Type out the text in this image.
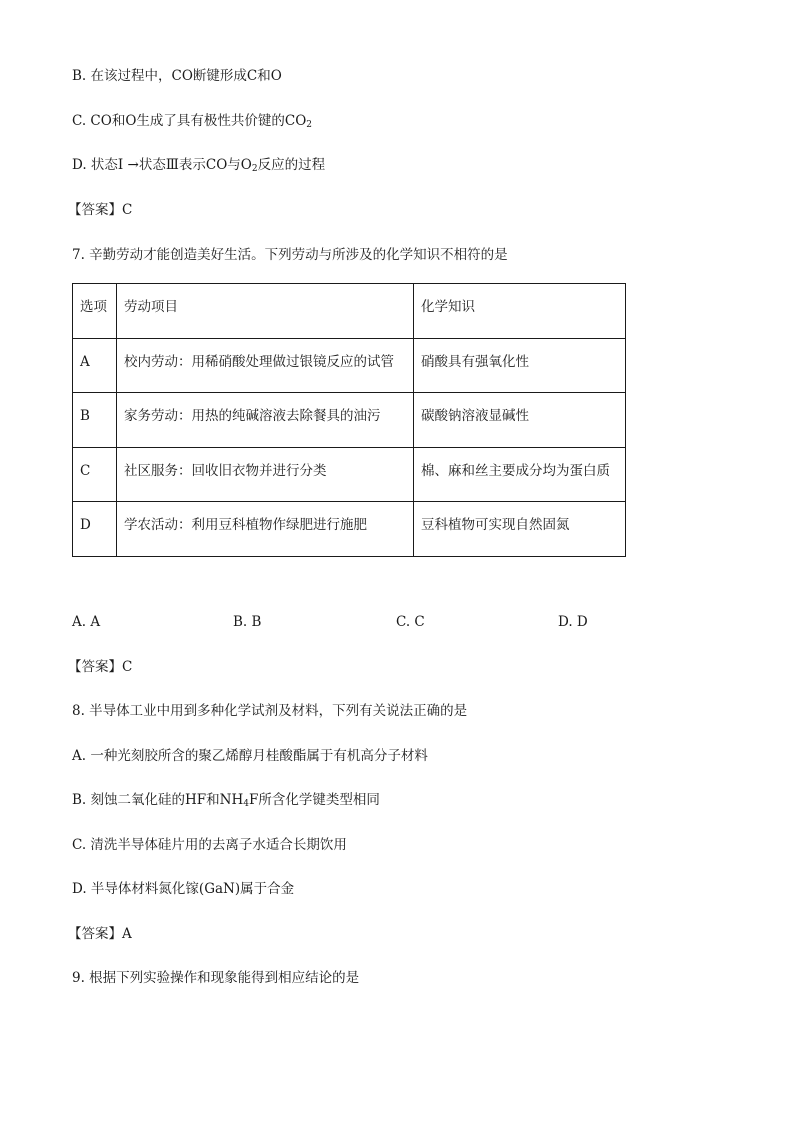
B. 在该过程中，CO断键形成C和O
C. CO和O生成了具有极性共价键的$CO_2$
D. 状态Ⅰ →状态Ⅲ表示CO与$O_2$反应的过程
【答案】C
7. 辛勤劳动才能创造美好生活。下列劳动与所涉及的化学知识不相符的是
选项	劳动项目	化学知识
A	校内劳动：用稀硝酸处理做过银镜反应的试管	硝酸具有强氧化性
B	家务劳动：用热的纯碱溶液去除餐具的油污	碳酸钠溶液显碱性
C	社区服务：回收旧衣物并进行分类	棉、麻和丝主要成分均为蛋白质
D	学农活动：利用豆科植物作绿肥进行施肥	豆科植物可实现自然固氮
A. A	B. B	C. C	D. D
【答案】C
8. 半导体工业中用到多种化学试剂及材料，下列有关说法正确的是
A. 一种光刻胶所含的聚乙烯醇月桂酸酯属于有机高分子材料
B. 刻蚀二氧化硅的HF和$NH_4F$所含化学键类型相同
C. 清洗半导体硅片用的去离子水适合长期饮用
D. 半导体材料氮化镓(GaN)属于合金
【答案】A
9. 根据下列实验操作和现象能得到相应结论的是
